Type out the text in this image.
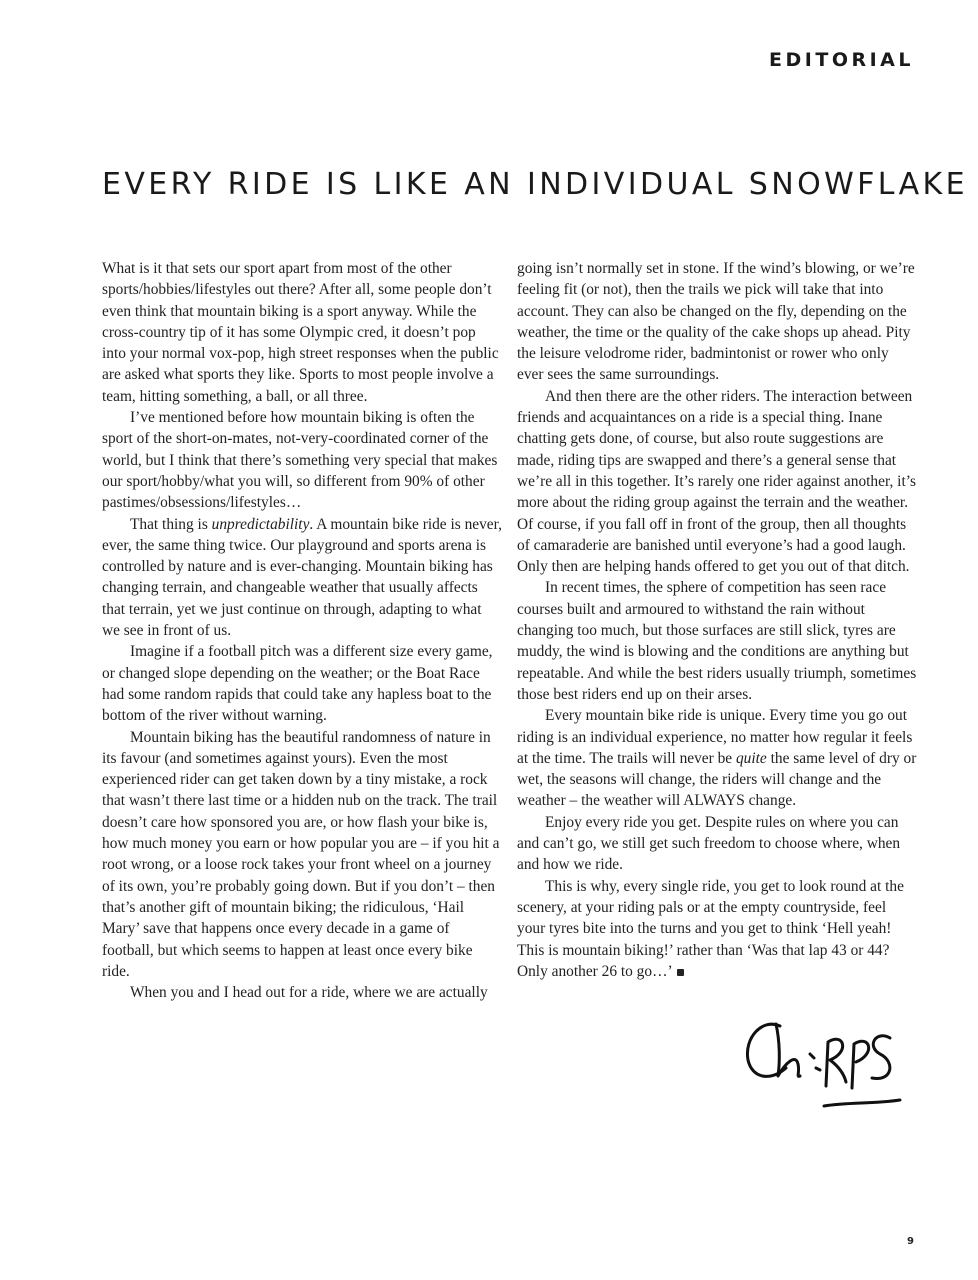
EDITORIAL
EVERY RIDE IS LIKE AN INDIVIDUAL SNOWFLAKE

What is it that sets our sport apart from most of the other sports/hobbies/lifestyles out there? After all, some people don’t even think that mountain biking is a sport anyway. While the cross-country tip of it has some Olympic cred, it doesn’t pop into your normal vox-pop, high street responses when the public are asked what sports they like. Sports to most people involve a team, hitting something, a ball, or all three.

I’ve mentioned before how mountain biking is often the sport of the short-on-mates, not-very-coordinated corner of the world, but I think that there’s something very special that makes our sport/hobby/what you will, so different from 90% of other pastimes/obsessions/lifestyles…

That thing is unpredictability. A mountain bike ride is never, ever, the same thing twice. Our playground and sports arena is controlled by nature and is ever-changing. Mountain biking has changing terrain, and changeable weather that usually affects that terrain, yet we just continue on through, adapting to what we see in front of us.

Imagine if a football pitch was a different size every game, or changed slope depending on the weather; or the Boat Race had some random rapids that could take any hapless boat to the bottom of the river without warning.

Mountain biking has the beautiful randomness of nature in its favour (and sometimes against yours). Even the most experienced rider can get taken down by a tiny mistake, a rock that wasn’t there last time or a hidden nub on the track. The trail doesn’t care how sponsored you are, or how flash your bike is, how much money you earn or how popular you are – if you hit a root wrong, or a loose rock takes your front wheel on a journey of its own, you’re probably going down. But if you don’t – then that’s another gift of mountain biking; the ridiculous, ‘Hail Mary’ save that happens once every decade in a game of football, but which seems to happen at least once every bike ride.

When you and I head out for a ride, where we are actually

going isn’t normally set in stone. If the wind’s blowing, or we’re feeling fit (or not), then the trails we pick will take that into account. They can also be changed on the fly, depending on the weather, the time or the quality of the cake shops up ahead. Pity the leisure velodrome rider, badmintonist or rower who only ever sees the same surroundings.

And then there are the other riders. The interaction between friends and acquaintances on a ride is a special thing. Inane chatting gets done, of course, but also route suggestions are made, riding tips are swapped and there’s a general sense that we’re all in this together. It’s rarely one rider against another, it’s more about the riding group against the terrain and the weather. Of course, if you fall off in front of the group, then all thoughts of camaraderie are banished until everyone’s had a good laugh. Only then are helping hands offered to get you out of that ditch.

In recent times, the sphere of competition has seen race courses built and armoured to withstand the rain without changing too much, but those surfaces are still slick, tyres are muddy, the wind is blowing and the conditions are anything but repeatable. And while the best riders usually triumph, sometimes those best riders end up on their arses.

Every mountain bike ride is unique. Every time you go out riding is an individual experience, no matter how regular it feels at the time. The trails will never be quite the same level of dry or wet, the seasons will change, the riders will change and the weather – the weather will ALWAYS change.

Enjoy every ride you get. Despite rules on where you can and can’t go, we still get such freedom to choose where, when and how we ride.

This is why, every single ride, you get to look round at the scenery, at your riding pals or at the empty countryside, feel your tyres bite into the turns and you get to think ‘Hell yeah! This is mountain biking!’ rather than ‘Was that lap 43 or 44? Only another 26 to go…’

9
